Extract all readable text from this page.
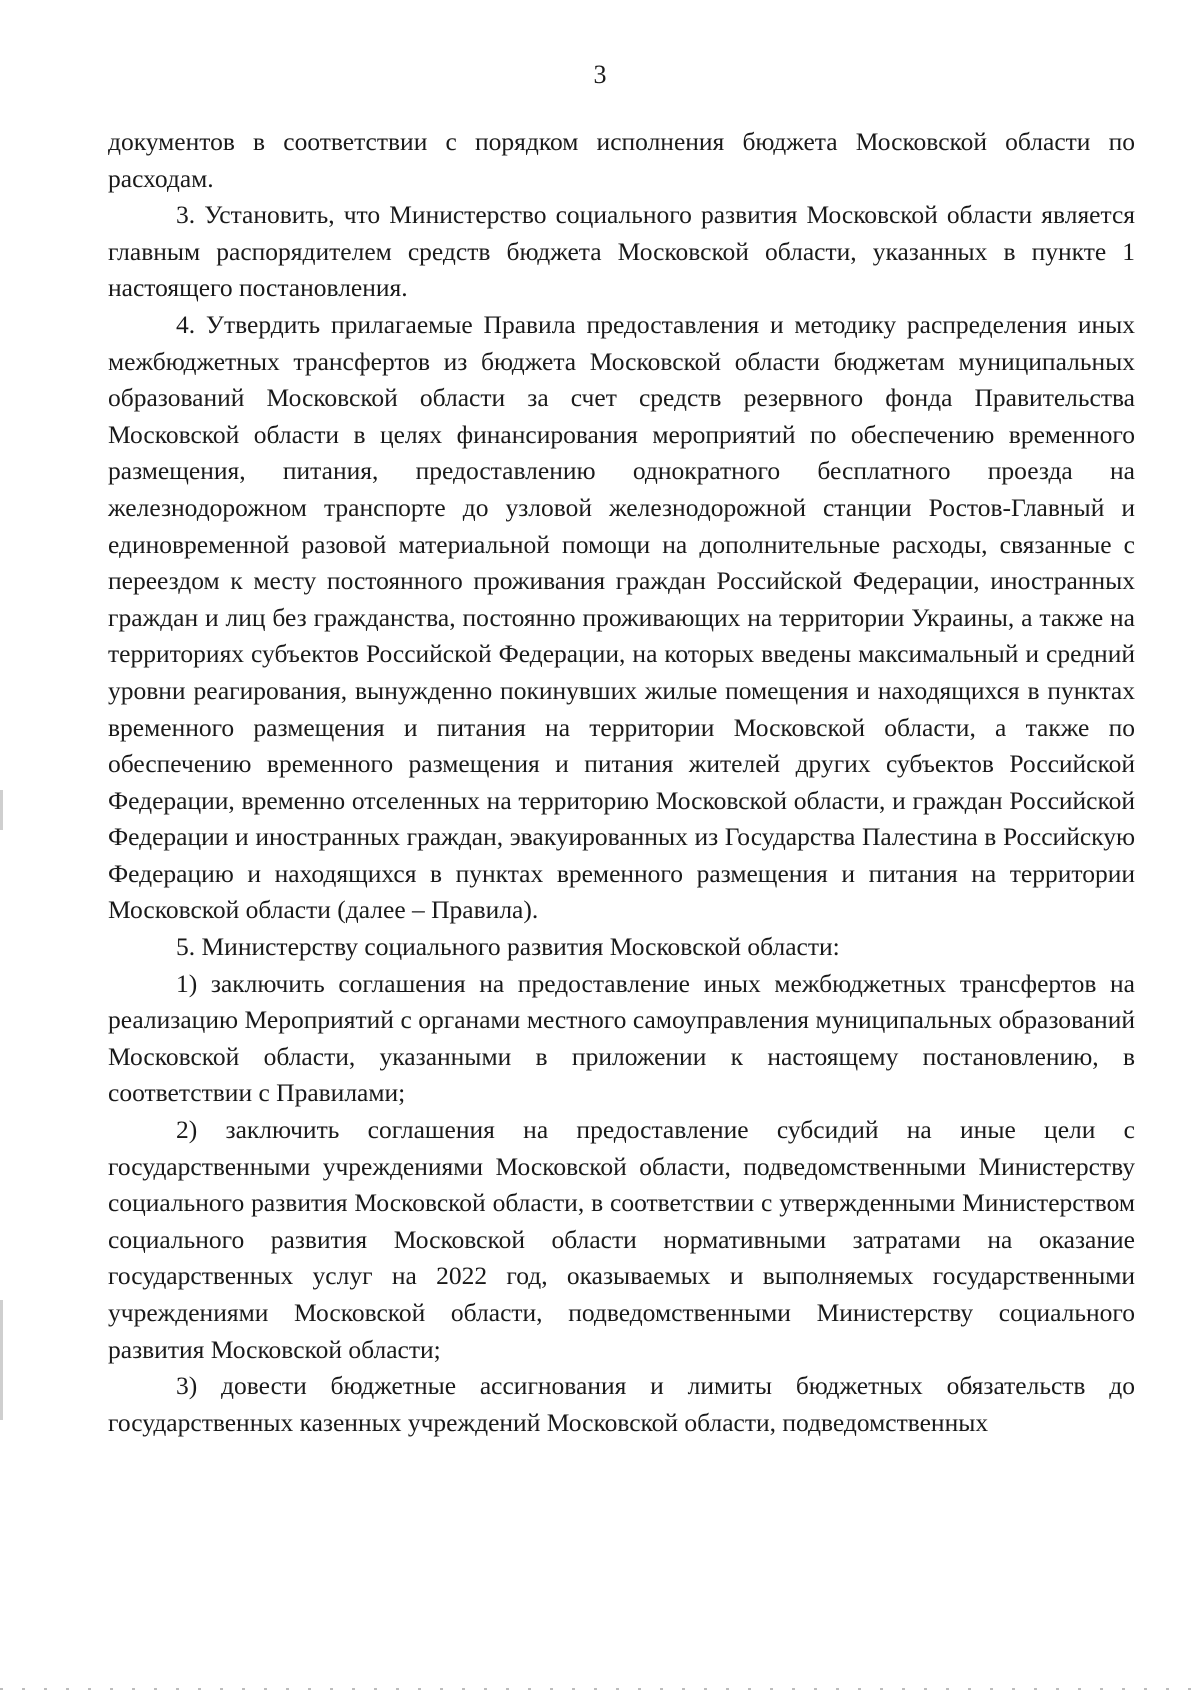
3

документов в соответствии с порядком исполнения бюджета Московской области по расходам.

3. Установить, что Министерство социального развития Московской области является главным распорядителем средств бюджета Московской области, указанных в пункте 1 настоящего постановления.

4. Утвердить прилагаемые Правила предоставления и методику распределения иных межбюджетных трансфертов из бюджета Московской области бюджетам муниципальных образований Московской области за счет средств резервного фонда Правительства Московской области в целях финансирования мероприятий по обеспечению временного размещения, питания, предоставлению однократного бесплатного проезда на железнодорожном транспорте до узловой железнодорожной станции Ростов-Главный и единовременной разовой материальной помощи на дополнительные расходы, связанные с переездом к месту постоянного проживания граждан Российской Федерации, иностранных граждан и лиц без гражданства, постоянно проживающих на территории Украины, а также на территориях субъектов Российской Федерации, на которых введены максимальный и средний уровни реагирования, вынужденно покинувших жилые помещения и находящихся в пунктах временного размещения и питания на территории Московской области, а также по обеспечению временного размещения и питания жителей других субъектов Российской Федерации, временно отселенных на территорию Московской области, и граждан Российской Федерации и иностранных граждан, эвакуированных из Государства Палестина в Российскую Федерацию и находящихся в пунктах временного размещения и питания на территории Московской области (далее – Правила).

5. Министерству социального развития Московской области:

1) заключить соглашения на предоставление иных межбюджетных трансфертов на реализацию Мероприятий с органами местного самоуправления муниципальных образований Московской области, указанными в приложении к настоящему постановлению, в соответствии с Правилами;

2) заключить соглашения на предоставление субсидий на иные цели с государственными учреждениями Московской области, подведомственными Министерству социального развития Московской области, в соответствии с утвержденными Министерством социального развития Московской области нормативными затратами на оказание государственных услуг на 2022 год, оказываемых и выполняемых государственными учреждениями Московской области, подведомственными Министерству социального развития Московской области;

3) довести бюджетные ассигнования и лимиты бюджетных обязательств до государственных казенных учреждений Московской области, подведомственных
